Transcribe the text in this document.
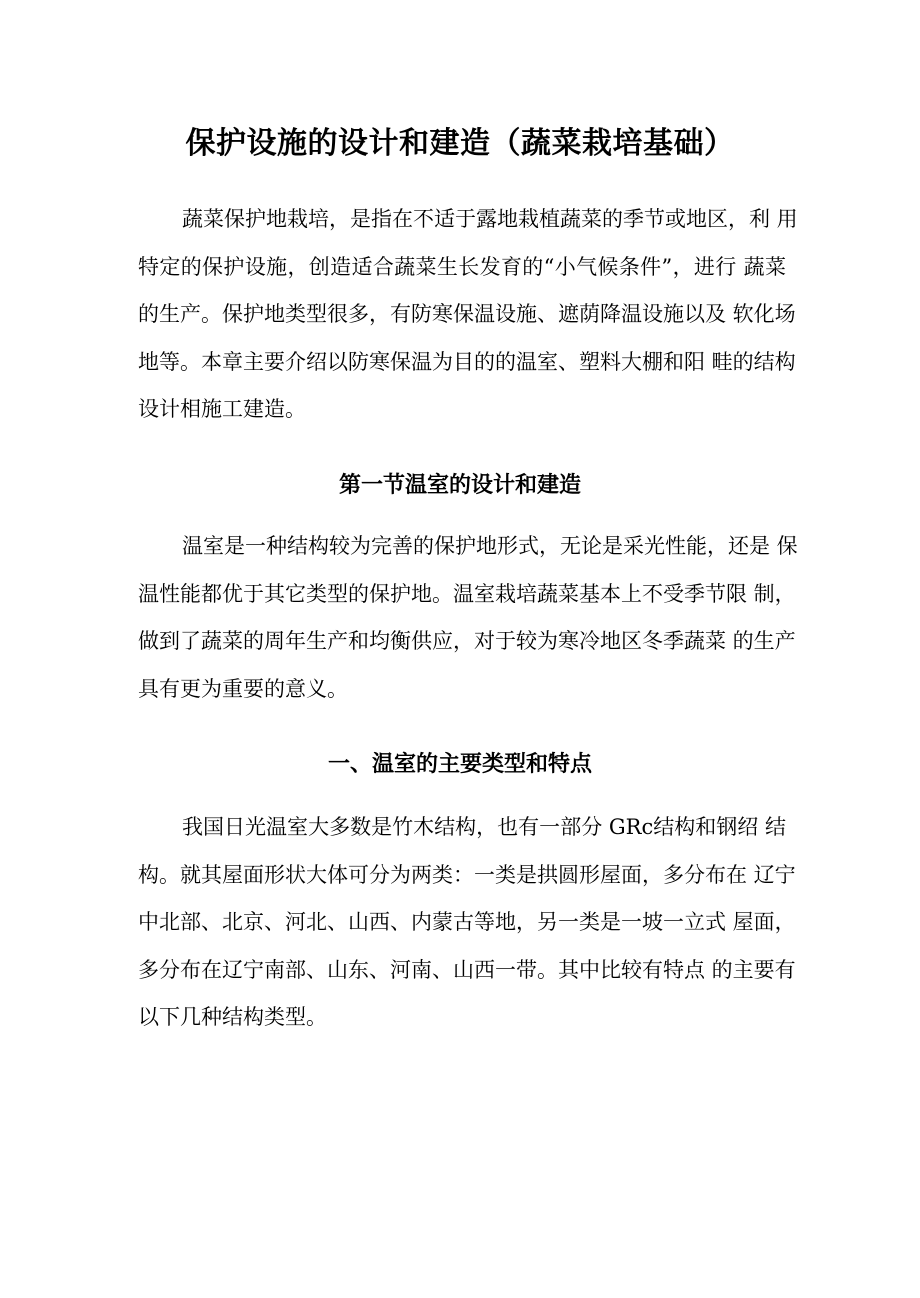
保护设施的设计和建造（蔬菜栽培基础）
蔬菜保护地栽培，是指在不适于露地栽植蔬菜的季节或地区，利 用
特定的保护设施，创造适合蔬菜生长发育的“小气候条件”，进行 蔬菜
的生产。保护地类型很多，有防寒保温设施、遮荫降温设施以及 软化场
地等。本章主要介绍以防寒保温为目的的温室、塑料大棚和阳 畦的结构
设计相施工建造。
第一节温室的设计和建造
温室是一种结构较为完善的保护地形式，无论是采光性能，还是 保
温性能都优于其它类型的保护地。温室栽培蔬菜基本上不受季节限 制，
做到了蔬菜的周年生产和均衡供应，对于较为寒冷地区冬季蔬菜 的生产
具有更为重要的意义。
一、温室的主要类型和特点
我国日光温室大多数是竹木结构，也有一部分 GRc结构和钢绍 结
构。就其屋面形状大体可分为两类：一类是拱圆形屋面，多分布在 辽宁
中北部、北京、河北、山西、内蒙古等地，另一类是一坡一立式 屋面，
多分布在辽宁南部、山东、河南、山西一带。其中比较有特点 的主要有
以下几种结构类型。
